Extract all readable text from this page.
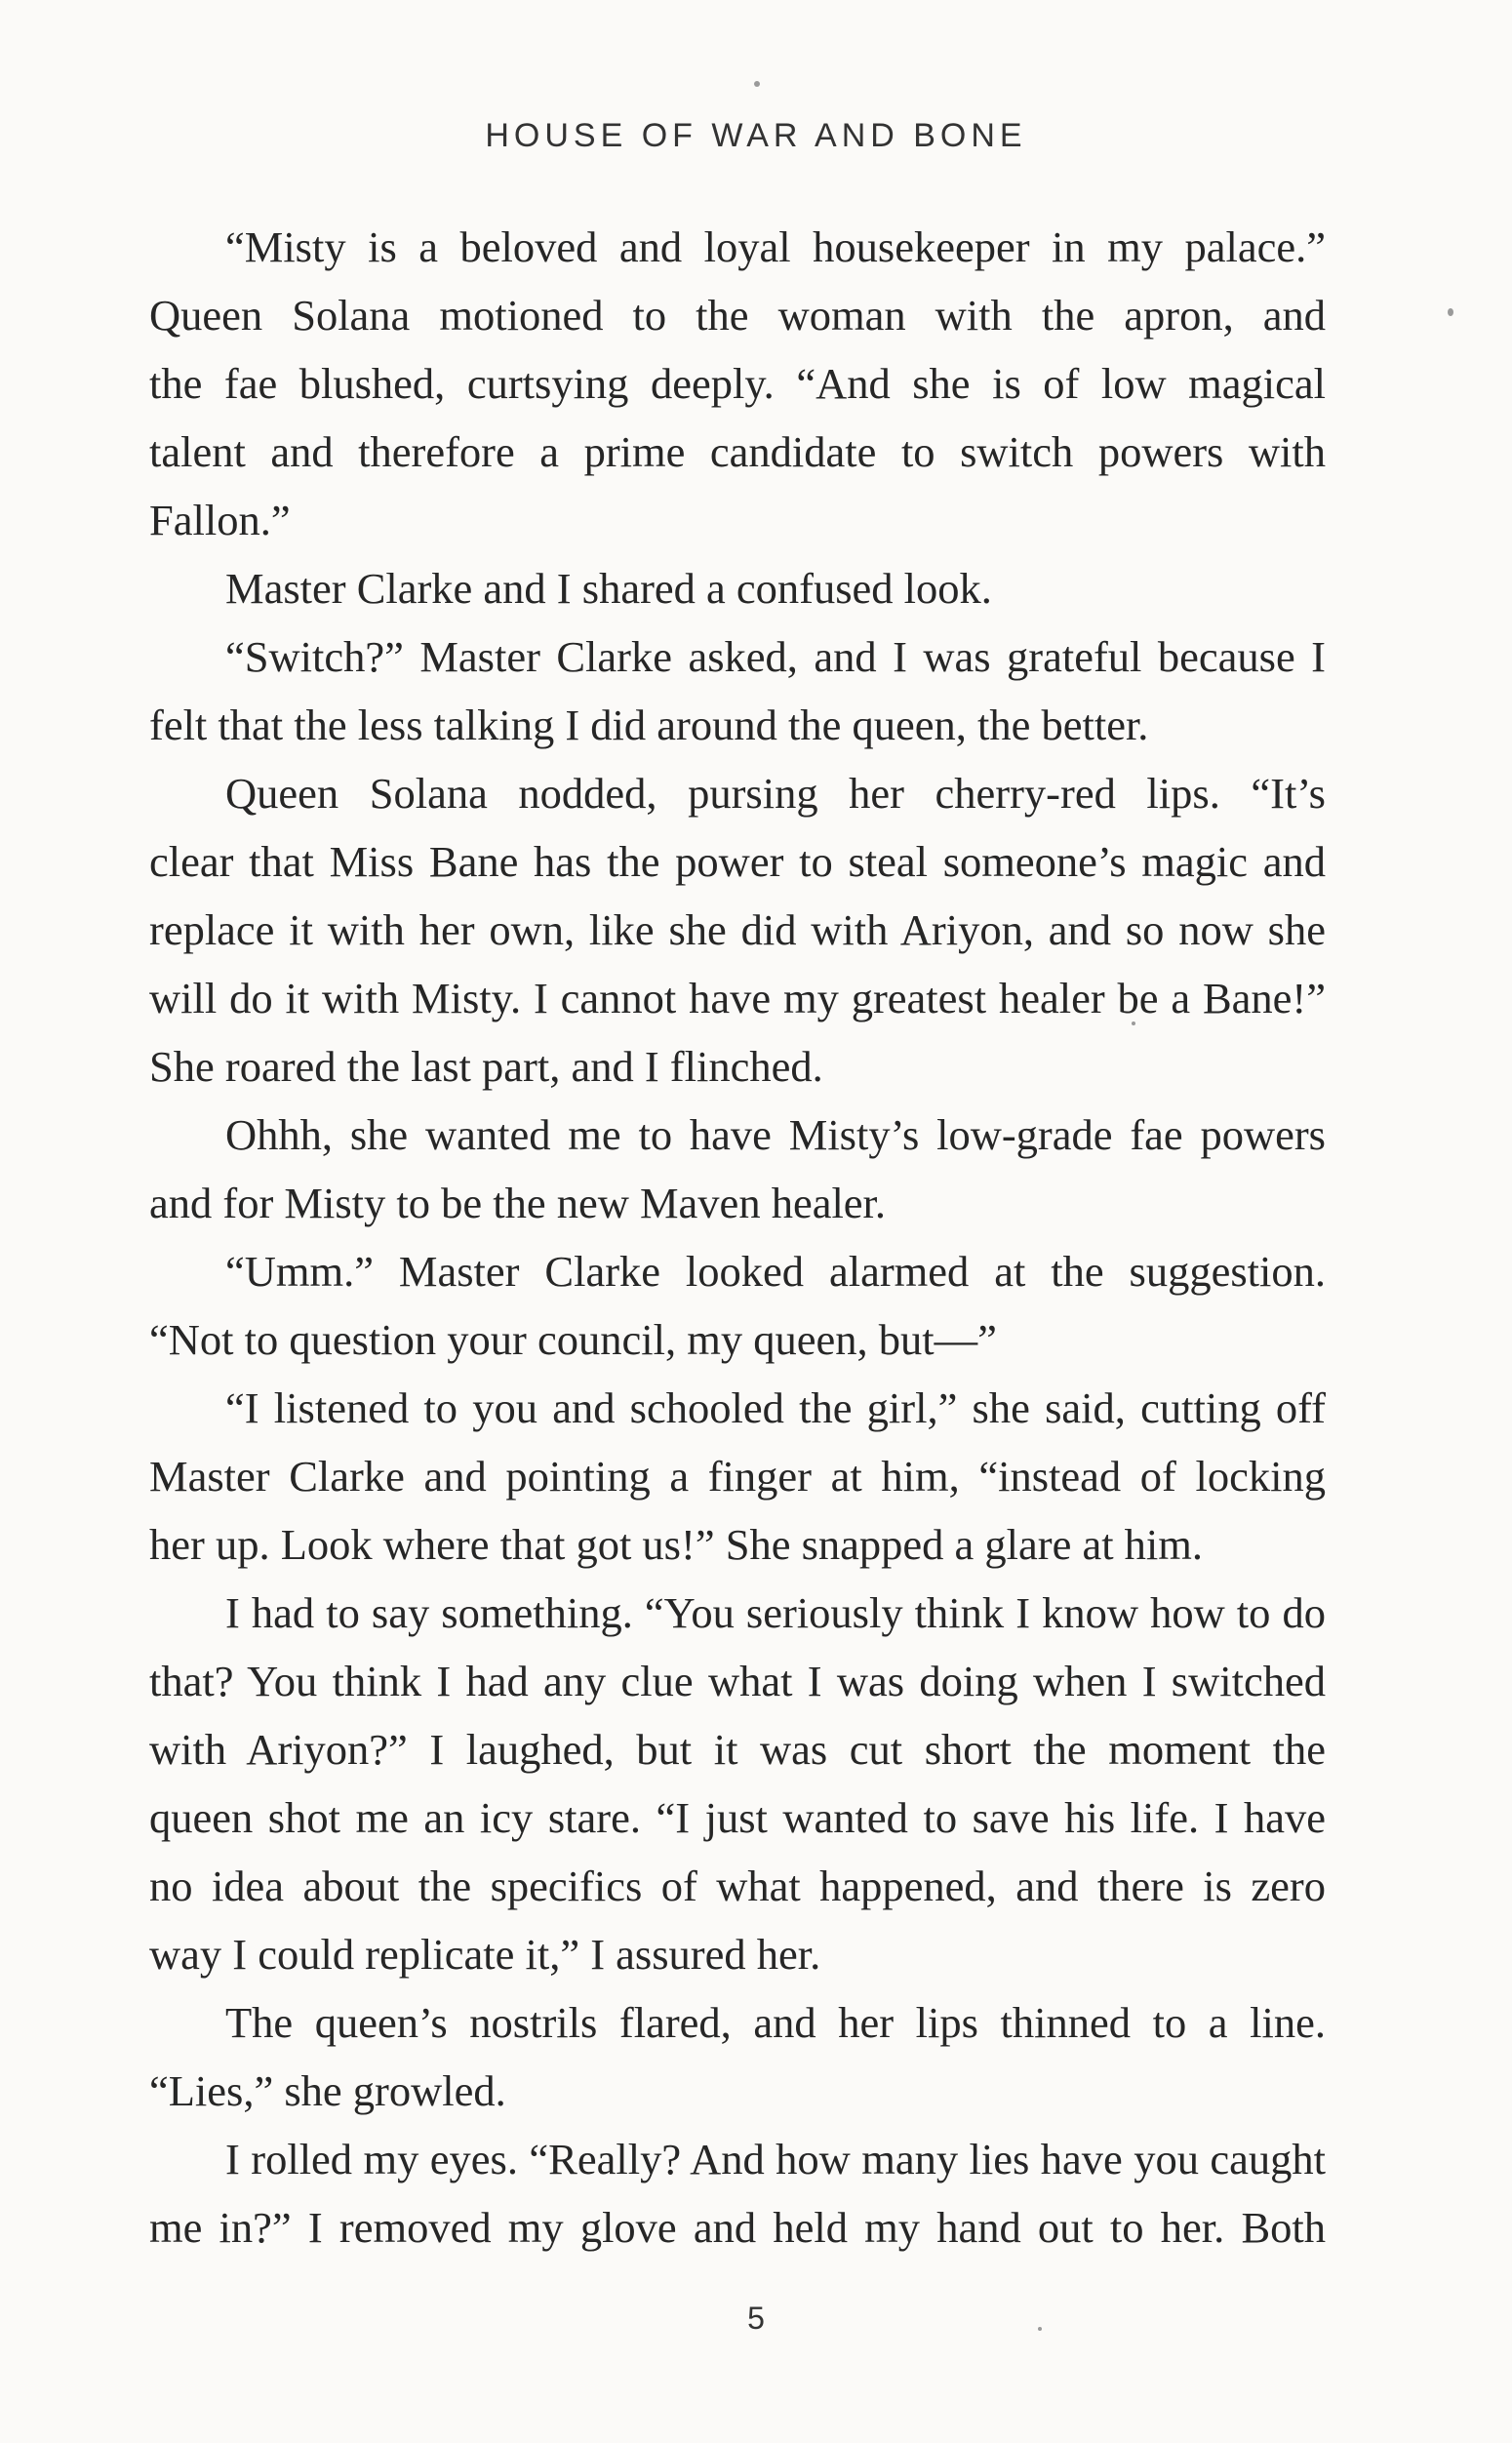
HOUSE OF WAR AND BONE
“Misty is a beloved and loyal housekeeper in my palace.”
Queen Solana motioned to the woman with the apron, and
the fae blushed, curtsying deeply. “And she is of low magical
talent and therefore a prime candidate to switch powers with
Fallon.”
Master Clarke and I shared a confused look.
“Switch?” Master Clarke asked, and I was grateful because I
felt that the less talking I did around the queen, the better.
Queen Solana nodded, pursing her cherry-red lips. “It’s
clear that Miss Bane has the power to steal someone’s magic and
replace it with her own, like she did with Ariyon, and so now she
will do it with Misty. I cannot have my greatest healer be a Bane!”
She roared the last part, and I flinched.
Ohhh, she wanted me to have Misty’s low-grade fae powers
and for Misty to be the new Maven healer.
“Umm.” Master Clarke looked alarmed at the suggestion.
“Not to question your council, my queen, but—”
“I listened to you and schooled the girl,” she said, cutting off
Master Clarke and pointing a finger at him, “instead of locking
her up. Look where that got us!” She snapped a glare at him.
I had to say something. “You seriously think I know how to do
that? You think I had any clue what I was doing when I switched
with Ariyon?” I laughed, but it was cut short the moment the
queen shot me an icy stare. “I just wanted to save his life. I have
no idea about the specifics of what happened, and there is zero
way I could replicate it,” I assured her.
The queen’s nostrils flared, and her lips thinned to a line.
“Lies,” she growled.
I rolled my eyes. “Really? And how many lies have you caught
me in?” I removed my glove and held my hand out to her. Both
5
